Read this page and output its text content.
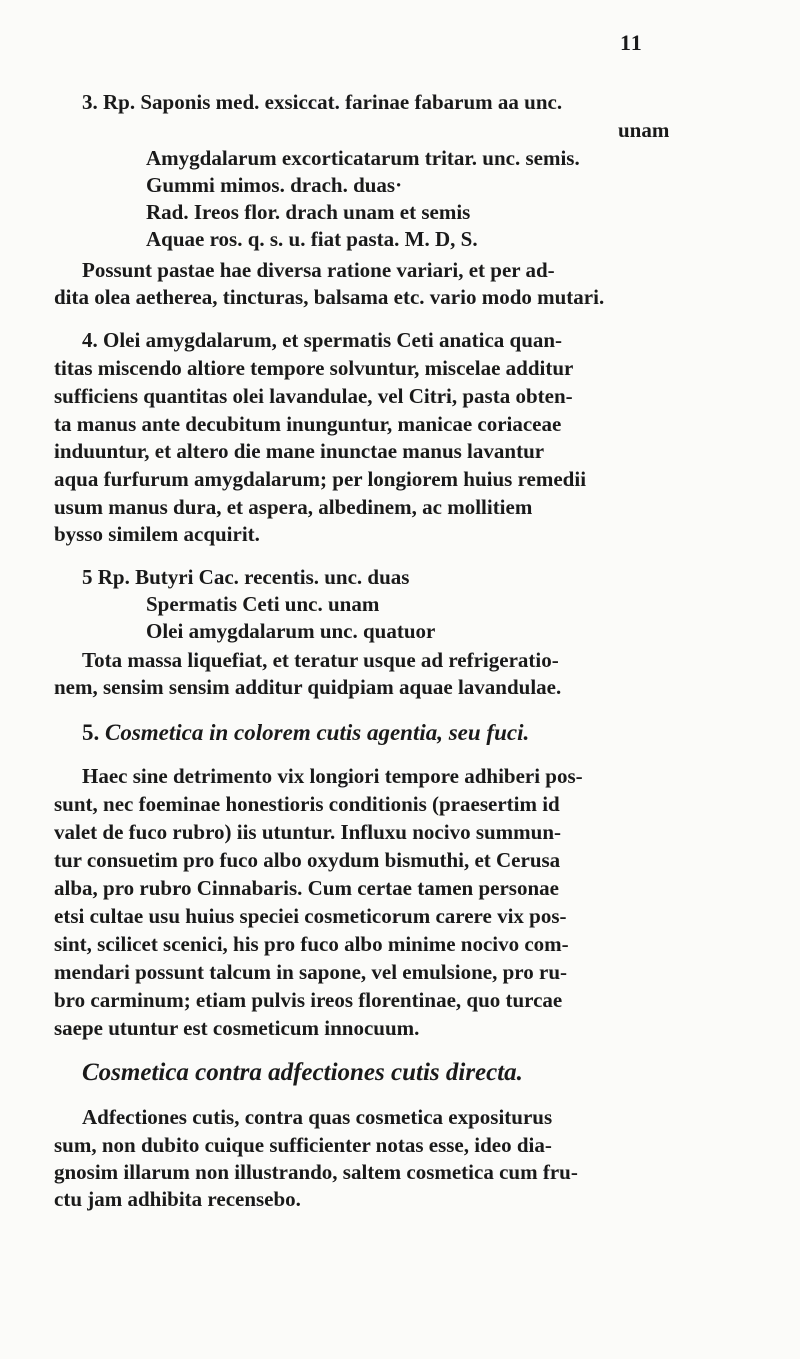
11
3. Rp. Saponis med. exsiccat. farinae fabarum aa unc.
unam
Amygdalarum excorticatarum tritar. unc. semis.
Gummi mimos. drach. duas·
Rad. Ireos flor. drach unam et semis
Aquae ros. q. s. u. fiat pasta. M. D, S.
Possunt pastae hae diversa ratione variari, et per ad-
dita olea aetherea, tincturas, balsama etc. vario modo mutari.
4. Olei amygdalarum, et spermatis Ceti anatica quan-
titas miscendo altiore tempore solvuntur, miscelae additur
sufficiens quantitas olei lavandulae, vel Citri, pasta obten-
ta manus ante decubitum inunguntur, manicae coriaceae
induuntur, et altero die mane inunctae manus lavantur
aqua furfurum amygdalarum; per longiorem huius remedii
usum manus dura, et aspera, albedinem, ac mollitiem
bysso similem acquirit.
5 Rp. Butyri Cac. recentis. unc. duas
Spermatis Ceti unc. unam
Olei amygdalarum unc. quatuor
Tota massa liquefiat, et teratur usque ad refrigeratio-
nem, sensim sensim additur quidpiam aquae lavandulae.
5. Cosmetica in colorem cutis agentia, seu fuci.
Haec sine detrimento vix longiori tempore adhiberi pos-
sunt, nec foeminae honestioris conditionis (praesertim id
valet de fuco rubro) iis utuntur. Influxu nocivo summun-
tur consuetim pro fuco albo oxydum bismuthi, et Cerusa
alba, pro rubro Cinnabaris. Cum certae tamen personae
etsi cultae usu huius speciei cosmeticorum carere vix pos-
sint, scilicet scenici, his pro fuco albo minime nocivo com-
mendari possunt talcum in sapone, vel emulsione, pro ru-
bro carminum; etiam pulvis ireos florentinae, quo turcae
saepe utuntur est cosmeticum innocuum.
Cosmetica contra adfectiones cutis directa.
Adfectiones cutis, contra quas cosmetica expositurus
sum, non dubito cuique sufficienter notas esse, ideo dia-
gnosim illarum non illustrando, saltem cosmetica cum fru-
ctu jam adhibita recensebo.
